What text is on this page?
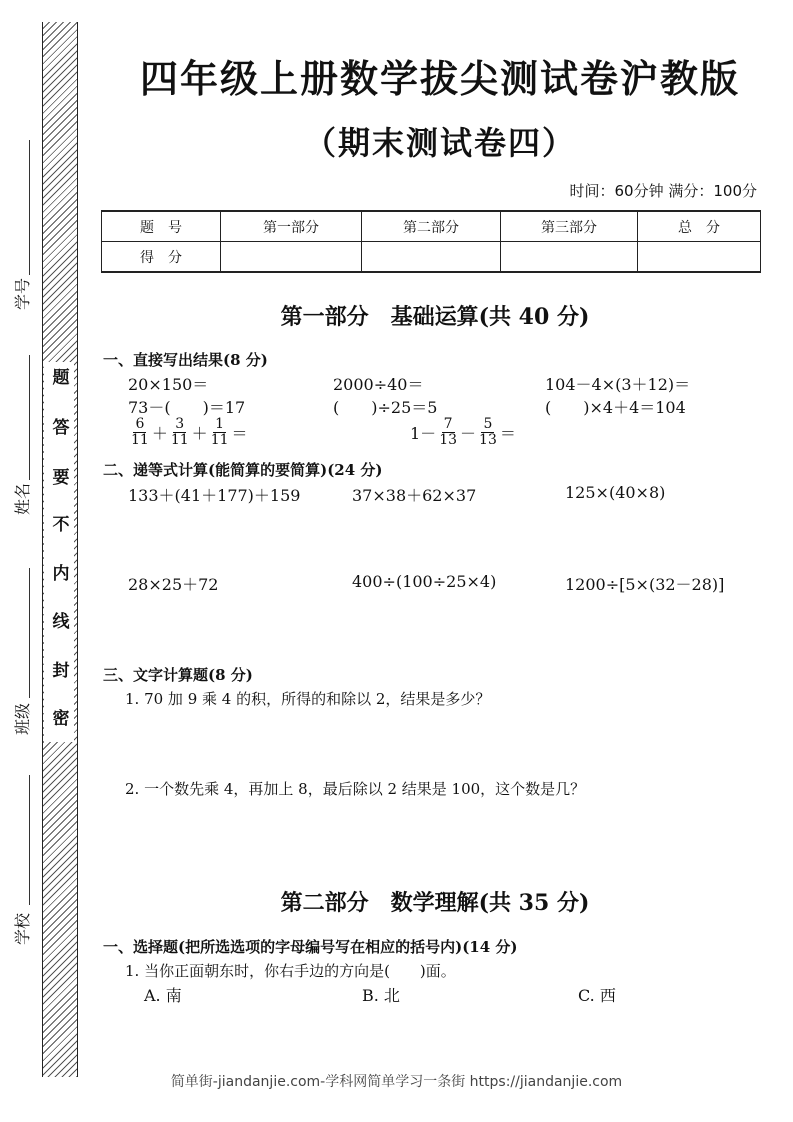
题
答
要
不
内
线
封
密
学号
姓名
班级
学校
四年级上册数学拔尖测试卷沪教版
（期末测试卷四）
时间：60分钟 满分：100分
题　号	第一部分	第二部分	第三部分	总　分
得　分				
第一部分　基础运算(共 40 分)
一、直接写出结果(8 分)
20×150＝	2000÷40＝	104－4×(3＋12)＝
73－(　　)＝17	(　　)÷25＝5	(　　)×4＋4＝104
$\frac{6}{11} + \frac{3}{11} + \frac{1}{11}$ ＝	$1- \frac{7}{13} - \frac{5}{13}$ ＝
二、递等式计算(能简算的要简算)(24 分)
133＋(41＋177)＋159	37×38＋62×37	125×(40×8)
28×25＋72	400÷(100÷25×4)	1200÷[5×(32－28)]
三、文字计算题(8 分)
1. 70 加 9 乘 4 的积，所得的和除以 2，结果是多少？
2. 一个数先乘 4，再加上 8，最后除以 2 结果是 100，这个数是几？
第二部分　数学理解(共 35 分)
一、选择题(把所选选项的字母编号写在相应的括号内)(14 分)
1. 当你正面朝东时，你右手边的方向是(　　)面。
A. 南	B. 北	C. 西
简单街-jiandanjie.com-学科网简单学习一条街 https://jiandanjie.com
